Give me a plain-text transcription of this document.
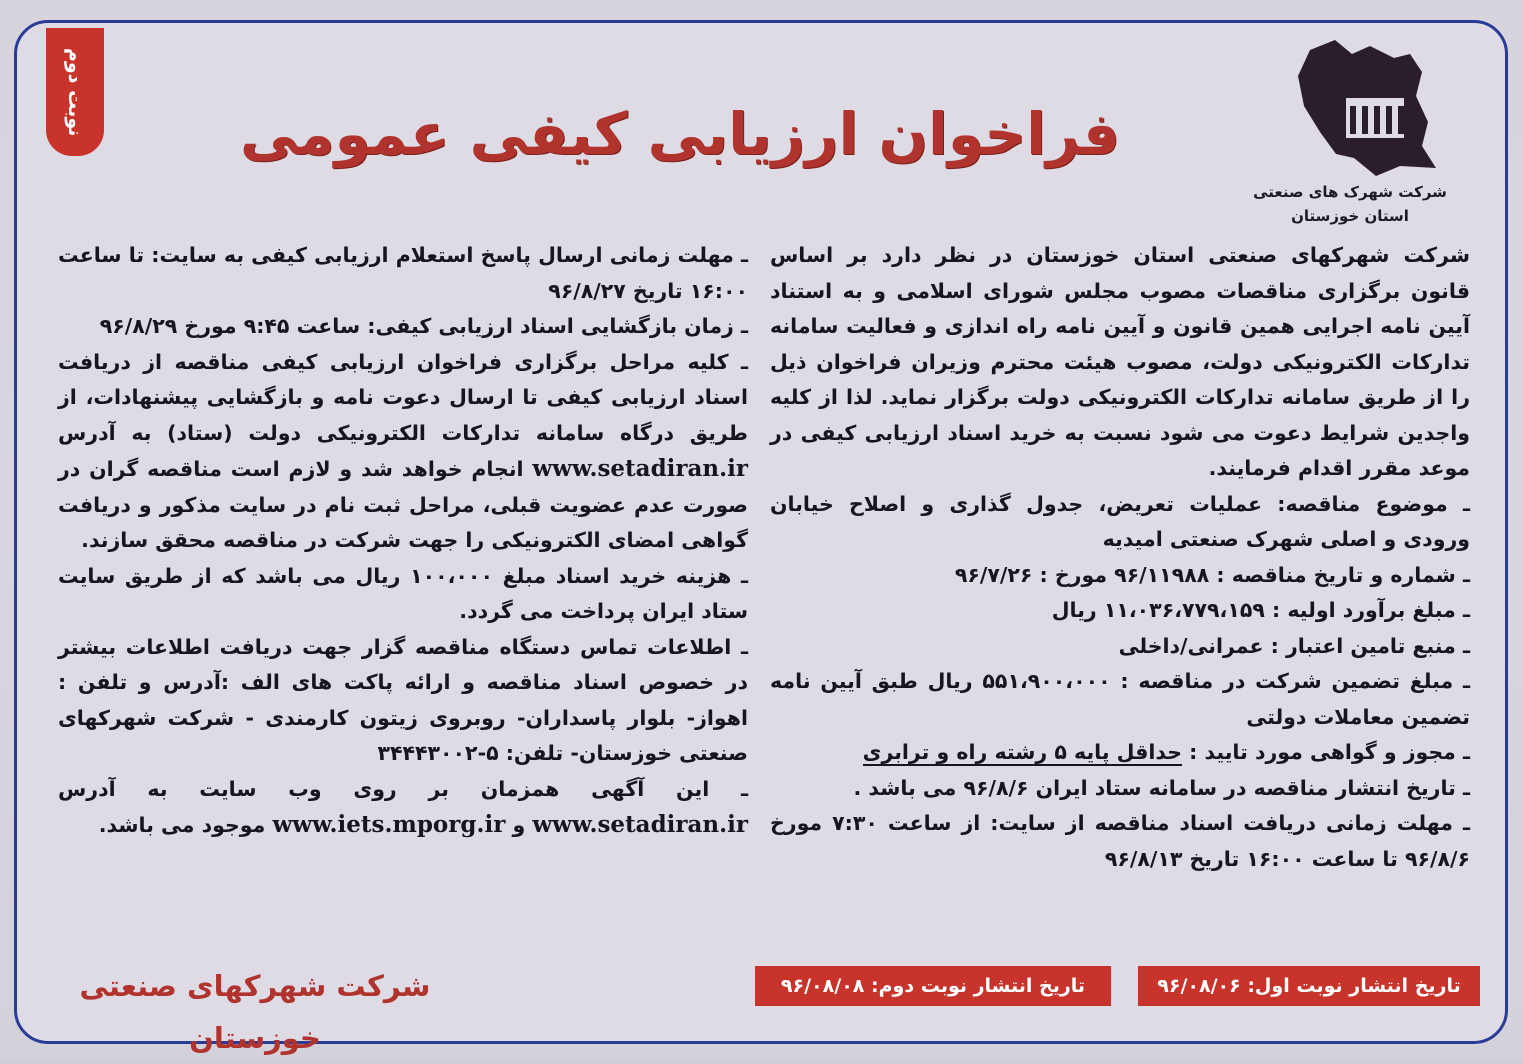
نوبت دوم	فراخوان ارزیابی کیفی عمومی
شرکت شهرک های صنعتی
استان خوزستان

شرکت شهرکهای صنعتی استان خوزستان در نظر دارد بر اساس قانون برگزاری مناقصات مصوب مجلس شورای اسلامی و به استناد آیین نامه اجرایی همین قانون و آیین نامه راه اندازی و فعالیت سامانه تدارکات الکترونیکی دولت، مصوب هیئت محترم وزیران فراخوان ذیل را از طریق سامانه تدارکات الکترونیکی دولت برگزار نماید. لذا از کلیه واجدین شرایط دعوت می شود نسبت به خرید اسناد ارزیابی کیفی در موعد مقرر اقدام فرمایند.

ـ موضوع مناقصه: عملیات تعریض، جدول گذاری و اصلاح خیابان ورودی و اصلی شهرک صنعتی امیدیه

ـ شماره و تاریخ مناقصه : ۹۶/۱۱۹۸۸ مورخ : ۹۶/۷/۲۶

ـ مبلغ برآورد اولیه : ۱۱،۰۳۶،۷۷۹،۱۵۹ ریال

ـ منبع تامین اعتبار : عمرانی/داخلی

ـ مبلغ تضمین شرکت در مناقصه : ۵۵۱،۹۰۰،۰۰۰ ریال طبق آیین نامه تضمین معاملات دولتی

ـ مجوز و گواهی مورد تایید : حداقل پایه ۵ رشته راه و ترابری

ـ تاریخ انتشار مناقصه در سامانه ستاد ایران ۹۶/۸/۶ می باشد .

ـ مهلت زمانی دریافت اسناد مناقصه از سایت: از ساعت ۷:۳۰ مورخ ۹۶/۸/۶ تا ساعت ۱۶:۰۰ تاریخ ۹۶/۸/۱۳

ـ مهلت زمانی ارسال پاسخ استعلام ارزیابی کیفی به سایت: تا ساعت ۱۶:۰۰ تاریخ ۹۶/۸/۲۷

ـ زمان بازگشایی اسناد ارزیابی کیفی: ساعت ۹:۴۵ مورخ ۹۶/۸/۲۹

ـ کلیه مراحل برگزاری فراخوان ارزیابی کیفی مناقصه از دریافت اسناد ارزیابی کیفی تا ارسال دعوت نامه و بازگشایی پیشنهادات، از طریق درگاه سامانه تدارکات الکترونیکی دولت (ستاد) به آدرس www.setadiran.ir انجام خواهد شد و لازم است مناقصه گران در صورت عدم عضویت قبلی، مراحل ثبت نام در سایت مذکور و دریافت گواهی امضای الکترونیکی را جهت شرکت در مناقصه محقق سازند.

ـ هزینه خرید اسناد مبلغ ۱۰۰،۰۰۰ ریال می باشد که از طریق سایت ستاد ایران پرداخت می گردد.

ـ اطلاعات تماس دستگاه مناقصه گزار جهت دریافت اطلاعات بیشتر در خصوص اسناد مناقصه و ارائه پاکت های الف :آدرس و تلفن : اهواز- بلوار پاسداران- روبروی زیتون کارمندی - شرکت شهرکهای صنعتی خوزستان- تلفن: ۵-۳۴۴۴۳۰۰۲

ـ این آگهی همزمان بر روی وب سایت به آدرس www.setadiran.ir و www.iets.mporg.ir موجود می باشد.

تاریخ انتشار نوبت اول: ۹۶/۰۸/۰۶
تاریخ انتشار نوبت دوم: ۹۶/۰۸/۰۸
شرکت شهرکهای صنعتی خوزستان
